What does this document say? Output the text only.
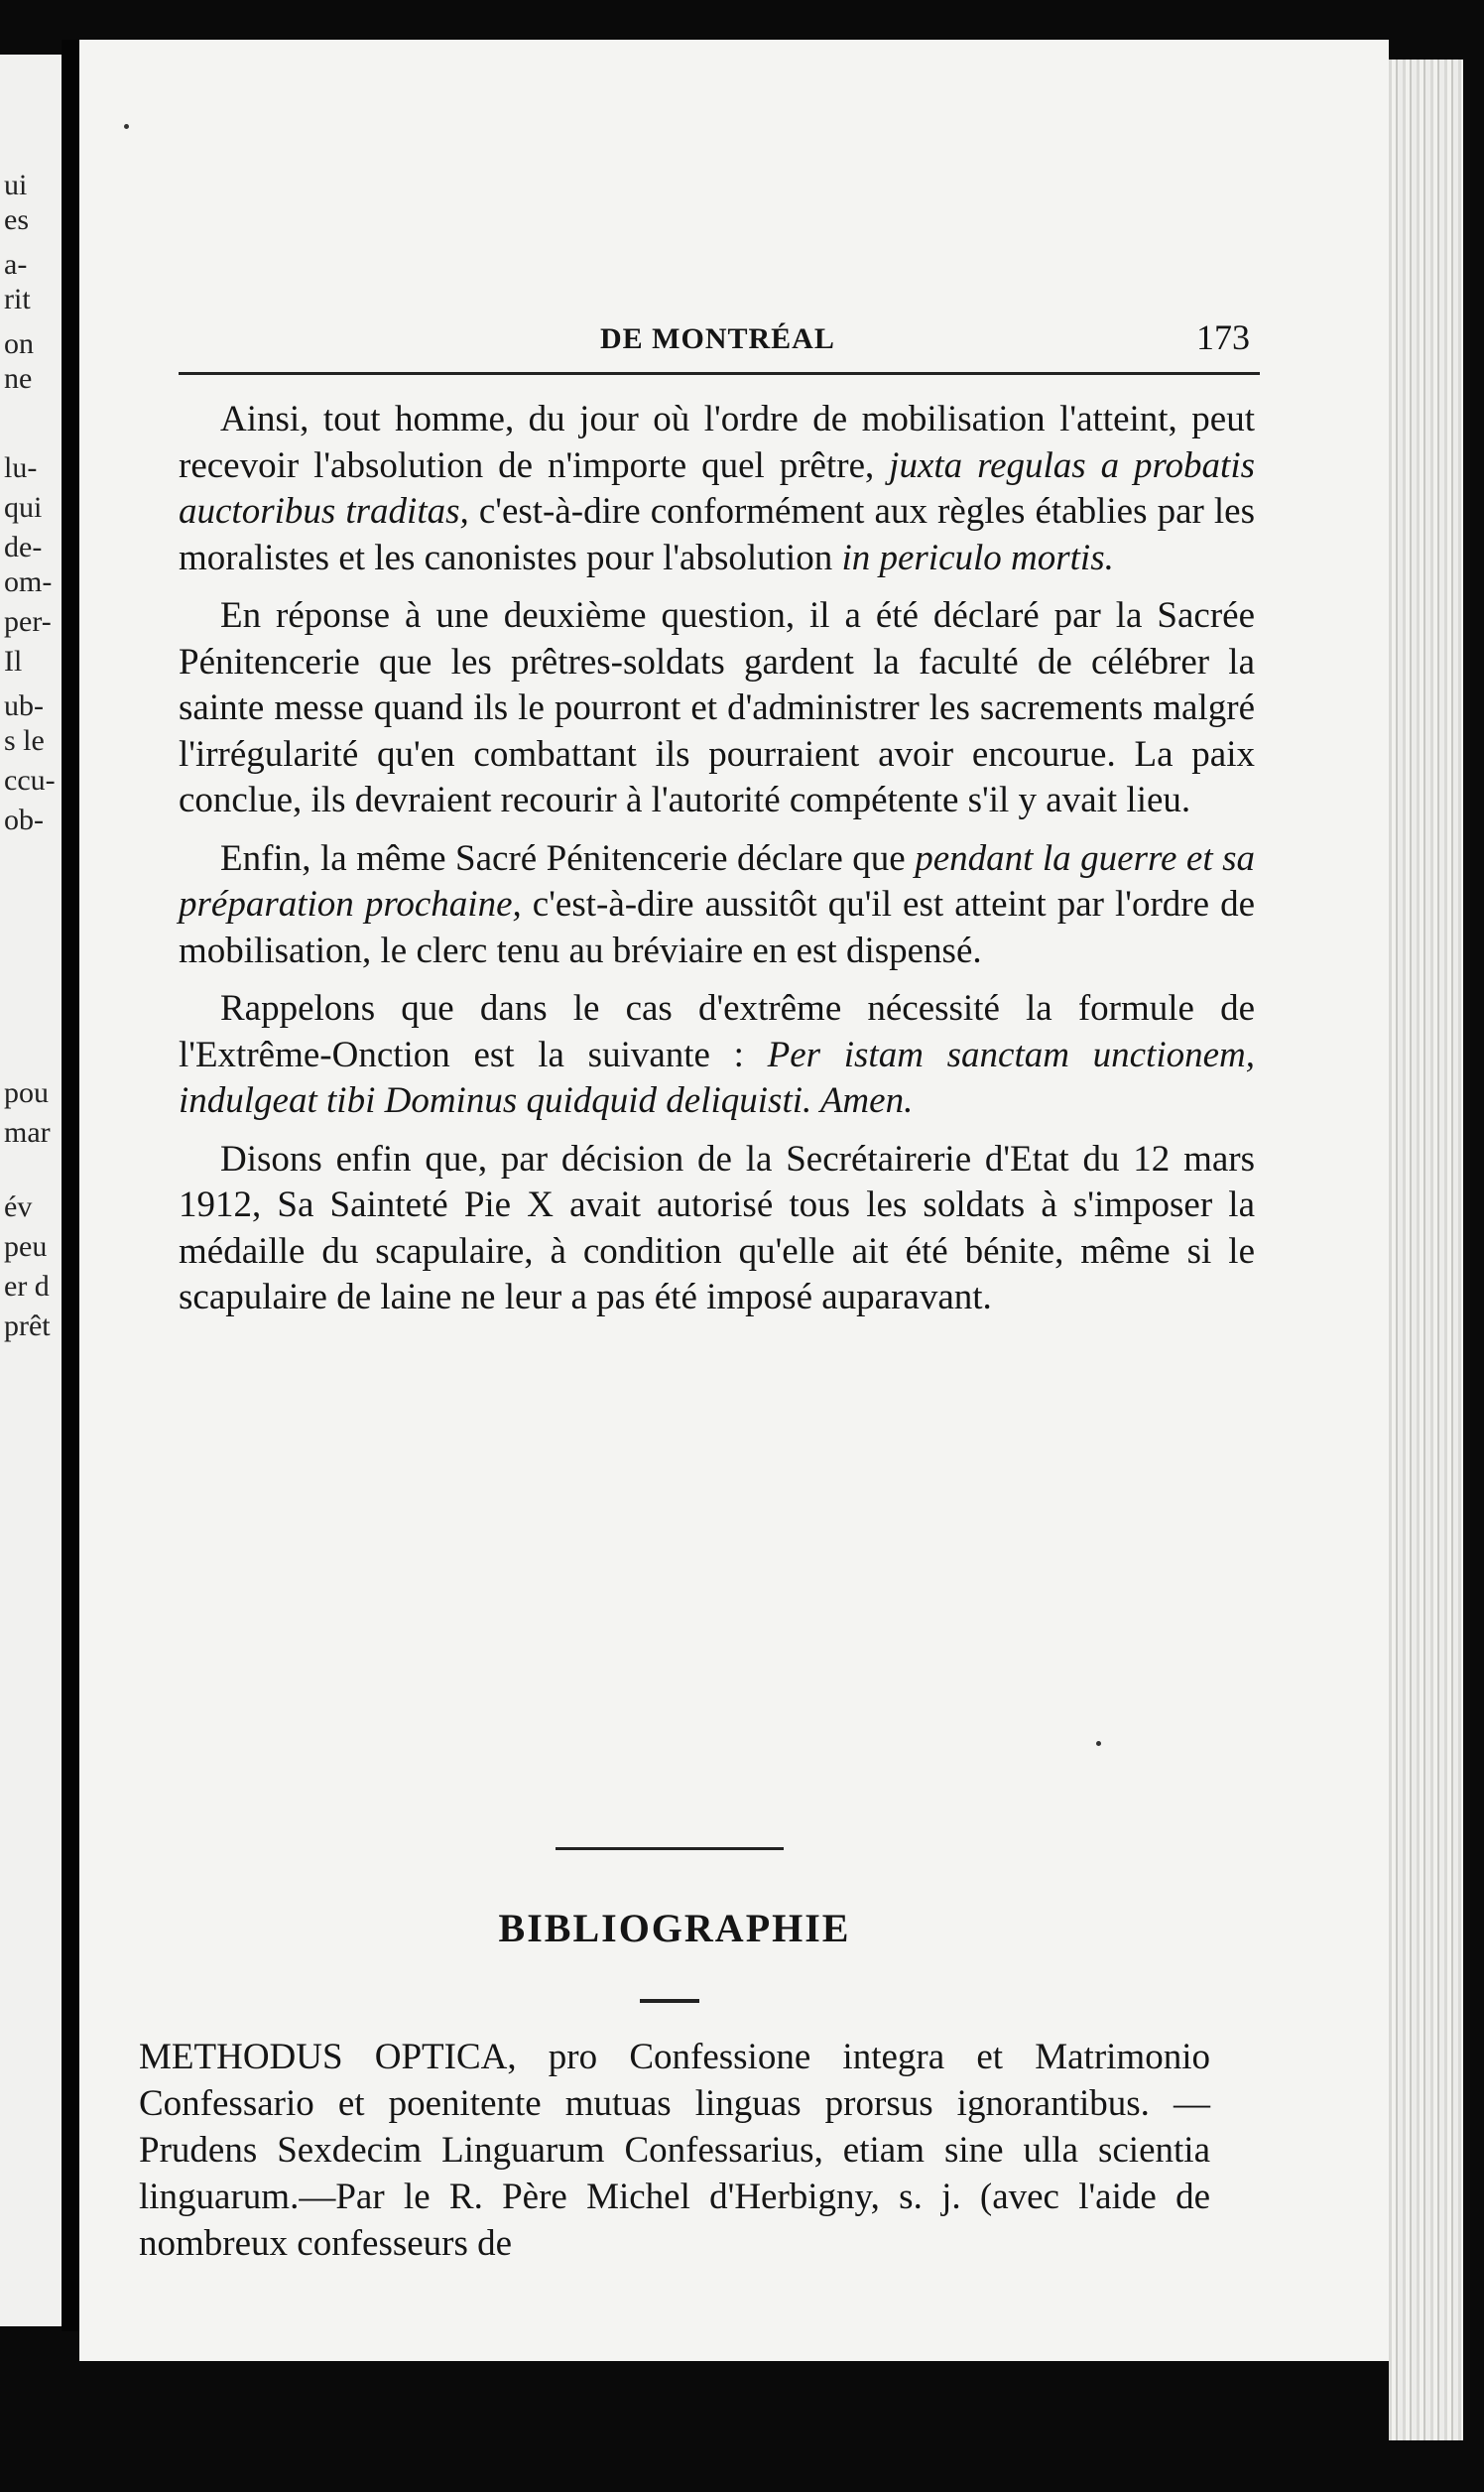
ui
es
a-
rit
on
ne
lu-
qui
de-
om-
per-
Il
ub-
s le
ccu-
ob-
pou
mar
év
peu
er d
prêt
DE MONTRÉAL	173

Ainsi, tout homme, du jour où l'ordre de mobilisation l'atteint, peut recevoir l'absolution de n'importe quel prêtre, juxta regulas a probatis auctoribus traditas, c'est-à-dire conformément aux règles établies par les moralistes et les canonistes pour l'absolution in periculo mortis.

En réponse à une deuxième question, il a été déclaré par la Sacrée Pénitencerie que les prêtres-soldats gardent la faculté de célébrer la sainte messe quand ils le pourront et d'administrer les sacrements malgré l'irrégularité qu'en combattant ils pourraient avoir encourue. La paix conclue, ils devraient recourir à l'autorité compétente s'il y avait lieu.

Enfin, la même Sacré Pénitencerie déclare que pendant la guerre et sa préparation prochaine, c'est-à-dire aussitôt qu'il est atteint par l'ordre de mobilisation, le clerc tenu au bréviaire en est dispensé.

Rappelons que dans le cas d'extrême nécessité la formule de l'Extrême-Onction est la suivante : Per istam sanctam unctionem, indulgeat tibi Dominus quidquid deliquisti. Amen.

Disons enfin que, par décision de la Secrétairerie d'Etat du 12 mars 1912, Sa Sainteté Pie X avait autorisé tous les soldats à s'imposer la médaille du scapulaire, à condition qu'elle ait été bénite, même si le scapulaire de laine ne leur a pas été imposé auparavant.

BIBLIOGRAPHIE

METHODUS OPTICA, pro Confessione integra et Matrimonio Confessario et poenitente mutuas linguas prorsus ignorantibus. — Prudens Sexdecim Linguarum Confessarius, etiam sine ulla scientia linguarum.—Par le R. Père Michel d'Herbigny, s. j. (avec l'aide de nombreux confesseurs de
